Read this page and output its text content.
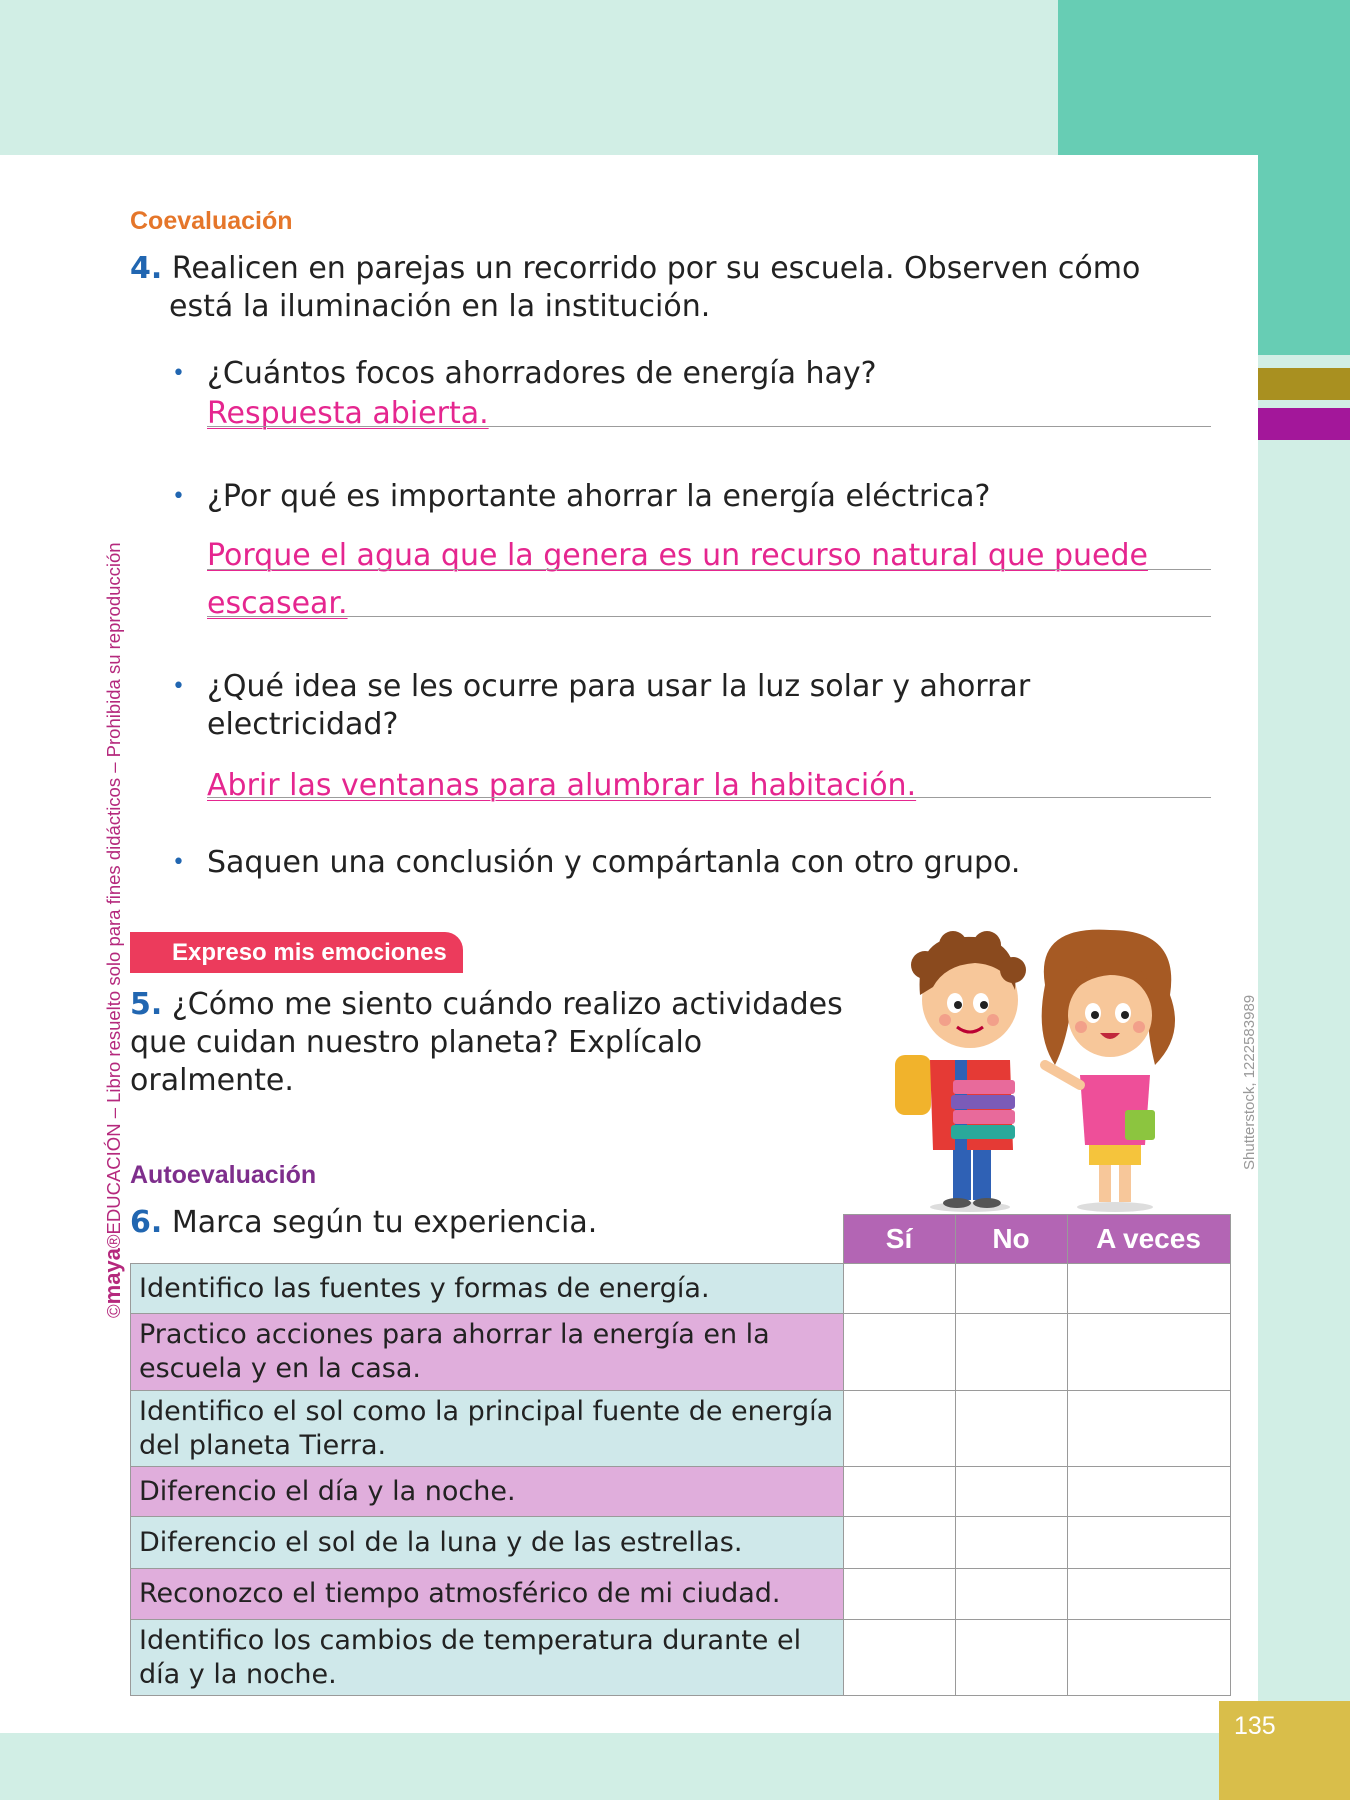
135
©maya®EDUCACIÓN – Libro resuelto solo para fines didácticos – Prohibida su reproducción	Shutterstock, 1222583989
Coevaluación
4. Realicen en parejas un recorrido por su escuela. Observen cómo
está la iluminación en la institución.
• ¿Cuántos focos ahorradores de energía hay?
Respuesta abierta.
• ¿Por qué es importante ahorrar la energía eléctrica?
Porque el agua que la genera es un recurso natural que puede
escasear.
• ¿Qué idea se les ocurre para usar la luz solar y ahorrar electricidad?
Abrir las ventanas para alumbrar la habitación.
• Saquen una conclusión y compártanla con otro grupo.
Expreso mis emociones
5. ¿Cómo me siento cuándo realizo actividades que cuidan nuestro planeta? Explícalo oralmente.
Autoevaluación
6. Marca según tu experiencia.
		Sí	No	A veces
Identifico las fuentes y formas de energía.			
Practico acciones para ahorrar la energía en la escuela y en la casa.			
Identifico el sol como la principal fuente de energía del planeta Tierra.			
Diferencio el día y la noche.			
Diferencio el sol de la luna y de las estrellas.			
Reconozco el tiempo atmosférico de mi ciudad.			
Identifico los cambios de temperatura durante el día y la noche.			
